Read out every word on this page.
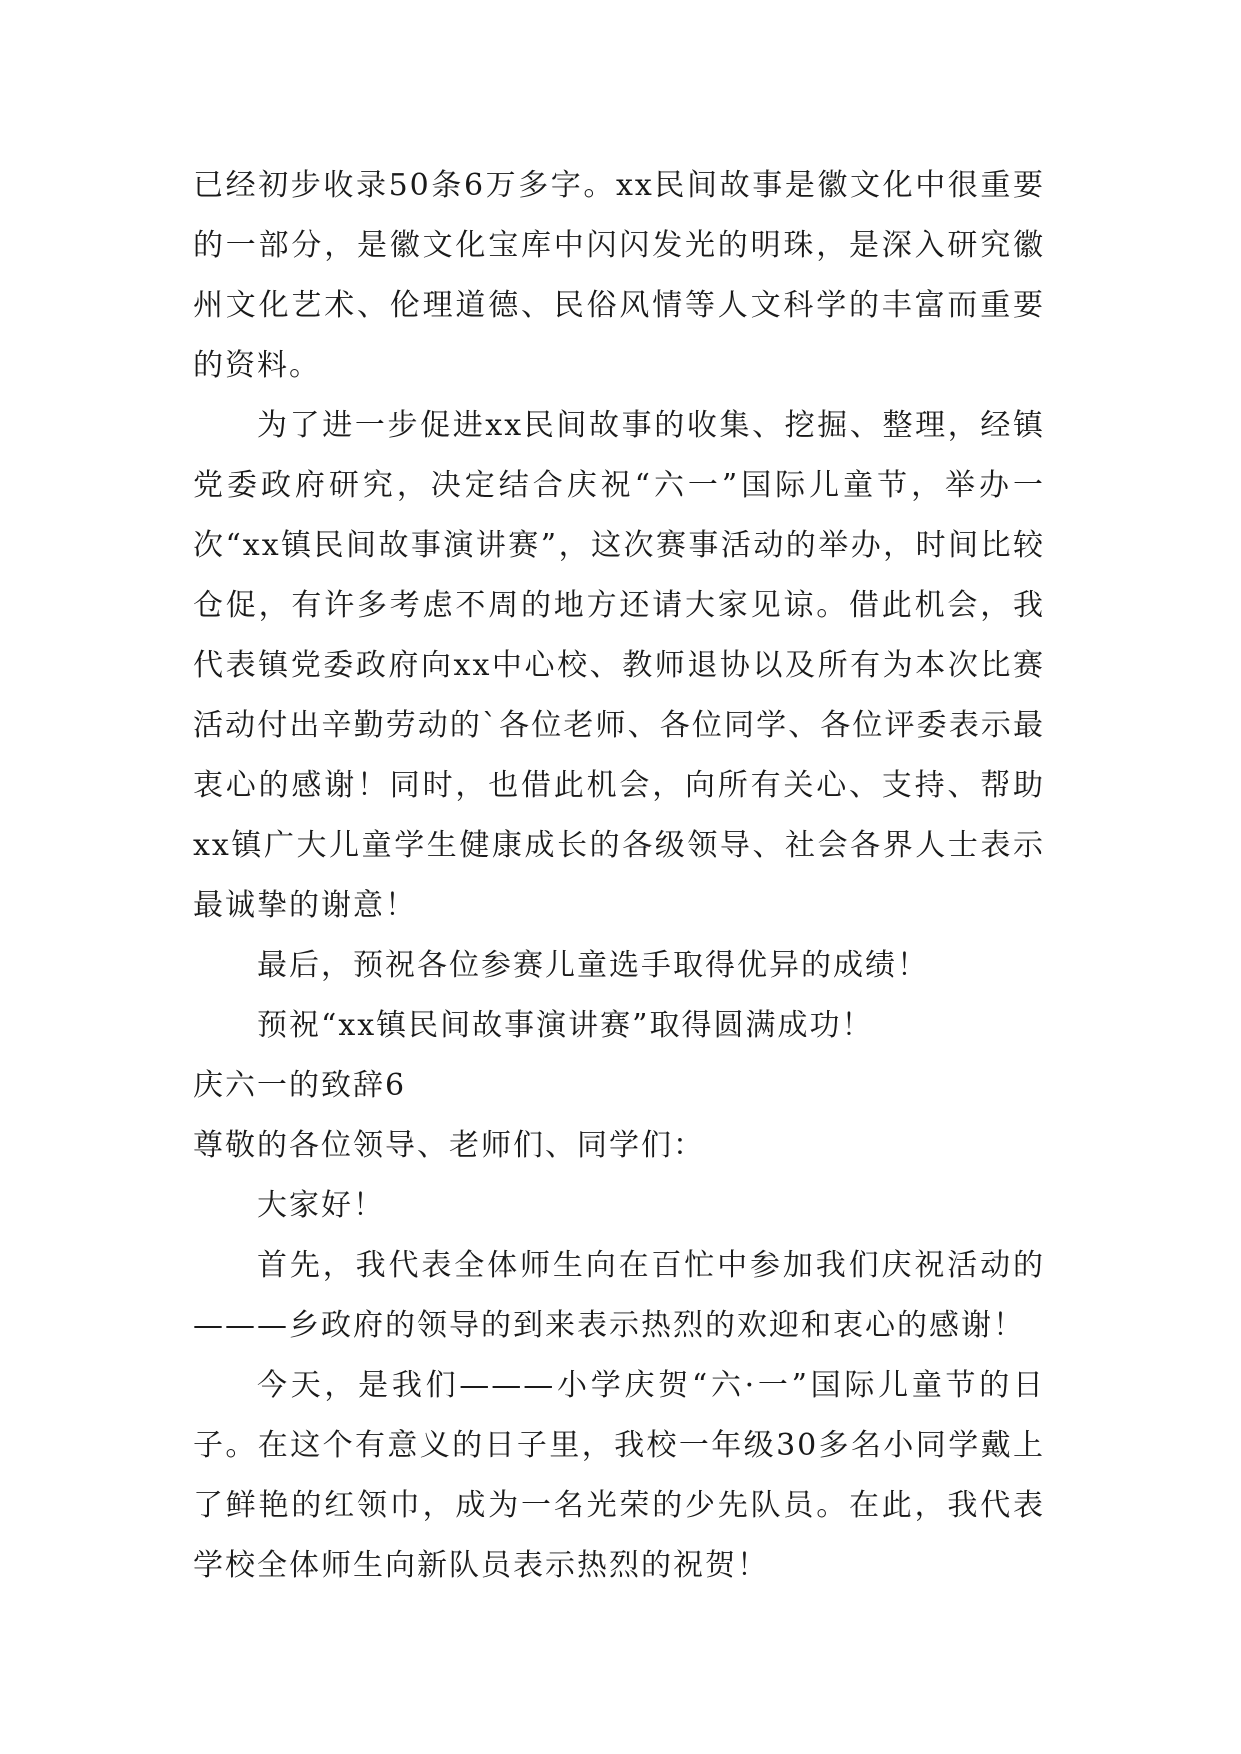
已经初步收录50条6万多字。xx民间故事是徽文化中很重要的一部分，是徽文化宝库中闪闪发光的明珠，是深入研究徽州文化艺术、伦理道德、民俗风情等人文科学的丰富而重要的资料。

为了进一步促进xx民间故事的收集、挖掘、整理，经镇党委政府研究，决定结合庆祝“六一”国际儿童节，举办一次“xx镇民间故事演讲赛”，这次赛事活动的举办，时间比较仓促，有许多考虑不周的地方还请大家见谅。借此机会，我代表镇党委政府向xx中心校、教师退协以及所有为本次比赛活动付出辛勤劳动的`各位老师、各位同学、各位评委表示最衷心的感谢！同时，也借此机会，向所有关心、支持、帮助xx镇广大儿童学生健康成长的各级领导、社会各界人士表示最诚挚的谢意！

最后，预祝各位参赛儿童选手取得优异的成绩！

预祝“xx镇民间故事演讲赛”取得圆满成功！

庆六一的致辞6

尊敬的各位领导、老师们、同学们：

大家好！

首先，我代表全体师生向在百忙中参加我们庆祝活动的———乡政府的领导的到来表示热烈的欢迎和衷心的感谢！

今天，是我们———小学庆贺“六·一”国际儿童节的日子。在这个有意义的日子里，我校一年级30多名小同学戴上了鲜艳的红领巾，成为一名光荣的少先队员。在此，我代表学校全体师生向新队员表示热烈的祝贺！
